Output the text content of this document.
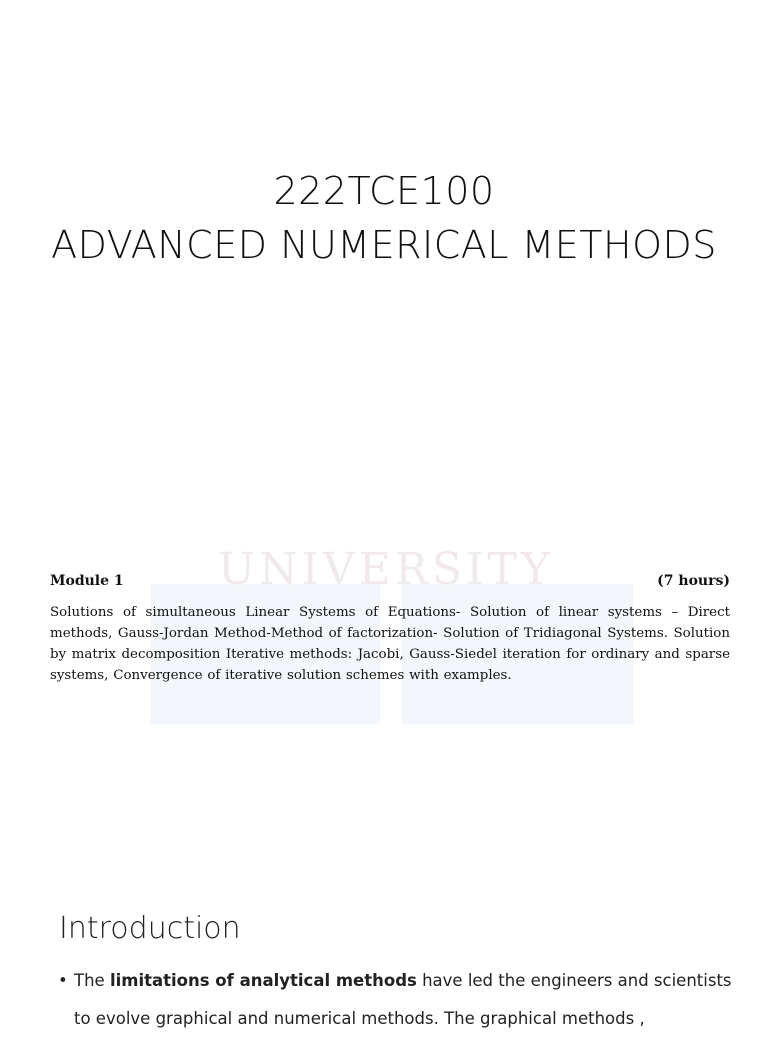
222TCE100
ADVANCED NUMERICAL METHODS
UNIVERSITY
Module 1	(7 hours)
Solutions of simultaneous Linear Systems of Equations- Solution of linear systems – Direct methods, Gauss-Jordan Method-Method of factorization- Solution of Tridiagonal Systems. Solution by matrix decomposition Iterative methods: Jacobi, Gauss-Siedel iteration for ordinary and sparse systems, Convergence of iterative solution schemes with examples.
Introduction
• The limitations of analytical methods have led the engineers and scientists to evolve graphical and numerical methods. The graphical methods ,
